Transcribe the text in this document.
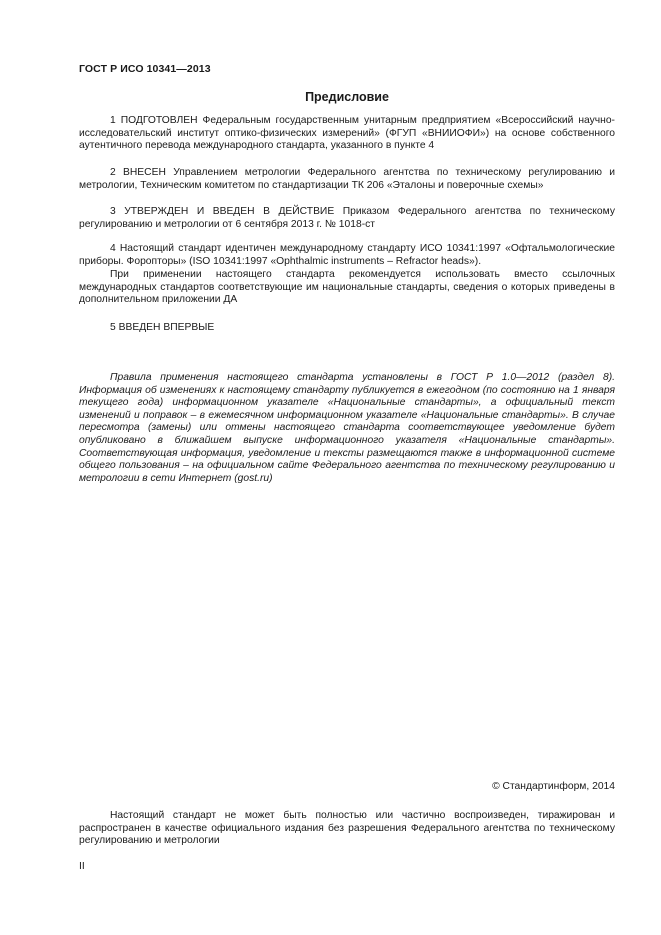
ГОСТ Р ИСО 10341—2013
Предисловие

1 ПОДГОТОВЛЕН Федеральным государственным унитарным предприятием «Всероссийский научно-исследовательский институт оптико-физических измерений» (ФГУП «ВНИИОФИ») на основе собственного аутентичного перевода международного стандарта, указанного в пункте 4

2 ВНЕСЕН Управлением метрологии Федерального агентства по техническому регулированию и метрологии, Техническим комитетом по стандартизации ТК 206 «Эталоны и поверочные схемы»

3 УТВЕРЖДЕН И ВВЕДЕН В ДЕЙСТВИЕ Приказом Федерального агентства по техническому регулированию и метрологии от 6 сентября 2013 г. № 1018-ст

4 Настоящий стандарт идентичен международному стандарту ИСО 10341:1997 «Офтальмологические приборы. Форопторы» (ISO 10341:1997 «Ophthalmic instruments – Refractor heads»).

При применении настоящего стандарта рекомендуется использовать вместо ссылочных международных стандартов соответствующие им национальные стандарты, сведения о которых приведены в дополнительном приложении ДА

5 ВВЕДЕН ВПЕРВЫЕ

Правила применения настоящего стандарта установлены в ГОСТ Р 1.0—2012 (раздел 8). Информация об изменениях к настоящему стандарту публикуется в ежегодном (по состоянию на 1 января текущего года) информационном указателе «Национальные стандарты», а официальный текст изменений и поправок – в ежемесячном информационном указателе «Национальные стандарты». В случае пересмотра (замены) или отмены настоящего стандарта соответствующее уведомление будет опубликовано в ближайшем выпуске информационного указателя «Национальные стандарты». Соответствующая информация, уведомление и тексты размещаются также в информационной системе общего пользования – на официальном сайте Федерального агентства по техническому регулированию и метрологии в сети Интернет (gost.ru)

© Стандартинформ, 2014

Настоящий стандарт не может быть полностью или частично воспроизведен, тиражирован и распространен в качестве официального издания без разрешения Федерального агентства по техническому регулированию и метрологии

II
